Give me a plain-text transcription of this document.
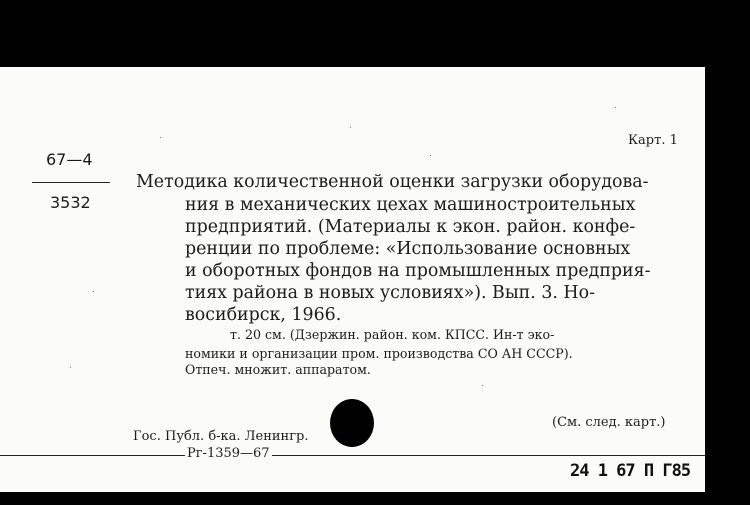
Карт. 1
67—4
3532
Методика количественной оценки загрузки оборудова-
ния в механических цехах машиностроительных
предприятий. (Материалы к экон. район. конфе-
ренции по проблеме: «Использование основных
и оборотных фондов на промышленных предприя-
тиях района в новых условиях»). Вып. 3. Но-
восибирск, 1966.
т. 20 см. (Дзержин. район. ком. КПСС. Ин-т эко-
номики и организации пром. производства СО АН СССР).
Отпеч. множит. аппаратом.
(См. след. карт.)
Гос. Публ. б-ка. Ленингр.
Рг-1359—67
24 1 67 П Г85
